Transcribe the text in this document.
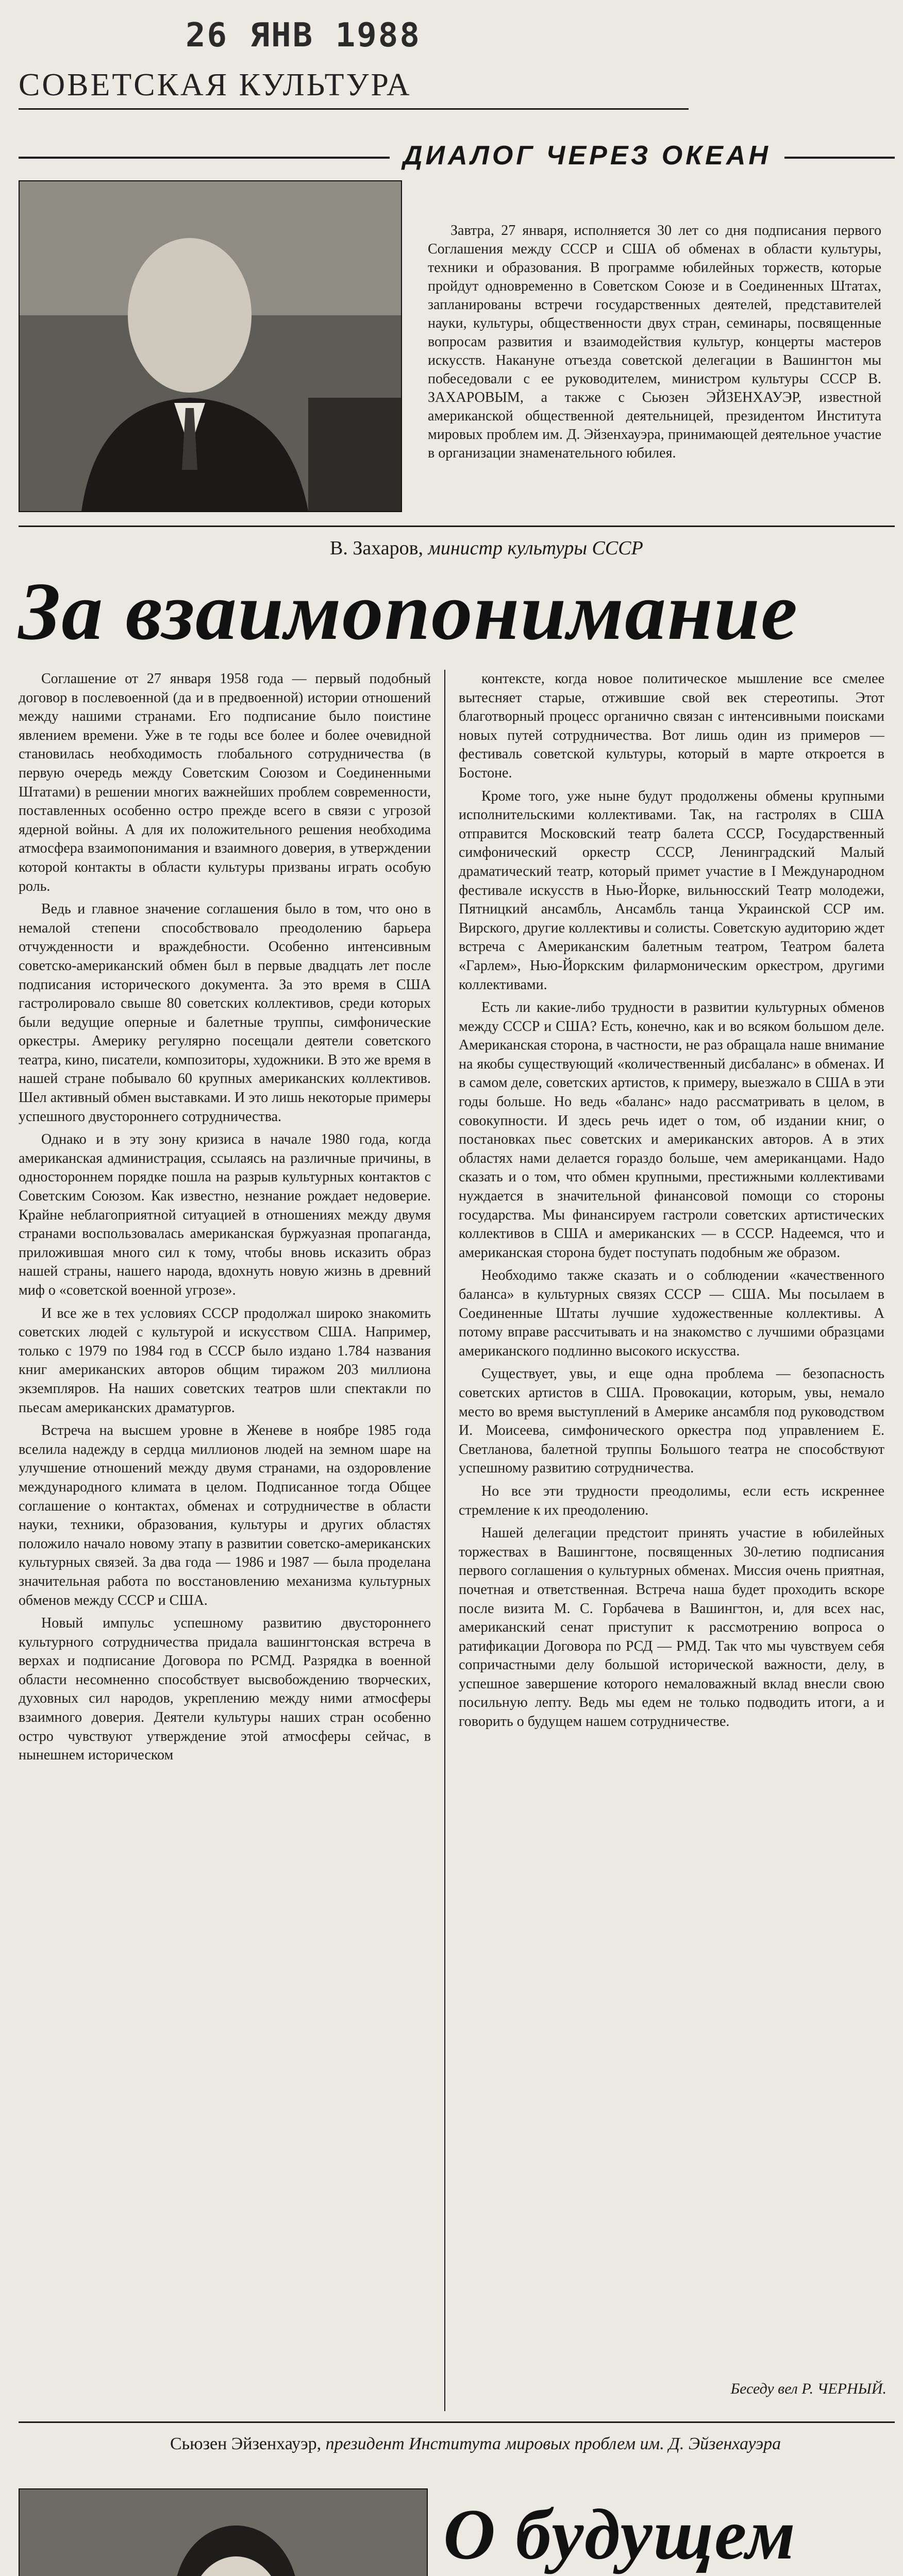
26 ЯНВ 1988
СОВЕТСКАЯ КУЛЬТУРА
ДИАЛОГ ЧЕРЕЗ ОКЕАН
Завтра, 27 января, исполняется 30 лет со дня подписания первого Соглашения между СССР и США об обменах в области культуры, техники и образования. В программе юбилейных торжеств, которые пройдут одновременно в Советском Союзе и в Соединенных Штатах, запланированы встречи государственных деятелей, представителей науки, культуры, общественности двух стран, семинары, посвященные вопросам развития и взаимодействия культур, концерты мастеров искусств. Накануне отъезда советской делегации в Вашингтон мы побеседовали с ее руководителем, министром культуры СССР В. ЗАХАРОВЫМ, а также с Сьюзен ЭЙЗЕНХАУЭР, известной американской общественной деятельницей, президентом Института мировых проблем им. Д. Эйзенхауэра, принимающей деятельное участие в организации знаменательного юбилея.
В. Захаров, министр культуры СССР
За взаимопонимание

Соглашение от 27 января 1958 года — первый подобный договор в послевоенной (да и в предвоенной) истории отношений между нашими странами. Его подписание было поистине явлением времени. Уже в те годы все более и более очевидной становилась необходимость глобального сотрудничества (в первую очередь между Советским Союзом и Соединенными Штатами) в решении многих важнейших проблем современности, поставленных особенно остро прежде всего в связи с угрозой ядерной войны. А для их положительного решения необходима атмосфера взаимопонимания и взаимного доверия, в утверждении которой контакты в области культуры призваны играть особую роль.

Ведь и главное значение соглашения было в том, что оно в немалой степени способствовало преодолению барьера отчужденности и враждебности. Особенно интенсивным советско-американский обмен был в первые двадцать лет после подписания исторического документа. За это время в США гастролировало свыше 80 советских коллективов, среди которых были ведущие оперные и балетные труппы, симфонические оркестры. Америку регулярно посещали деятели советского театра, кино, писатели, композиторы, художники. В это же время в нашей стране побывало 60 крупных американских коллективов. Шел активный обмен выставками. И это лишь некоторые примеры успешного двустороннего сотрудничества.

Однако и в эту зону кризиса в начале 1980 года, когда американская администрация, ссылаясь на различные причины, в одностороннем порядке пошла на разрыв культурных контактов с Советским Союзом. Как известно, незнание рождает недоверие. Крайне неблагоприятной ситуацией в отношениях между двумя странами воспользовалась американская буржуазная пропаганда, приложившая много сил к тому, чтобы вновь исказить образ нашей страны, нашего народа, вдохнуть новую жизнь в древний миф о «советской военной угрозе».

И все же в тех условиях СССР продолжал широко знакомить советских людей с культурой и искусством США. Например, только с 1979 по 1984 год в СССР было издано 1.784 названия книг американских авторов общим тиражом 203 миллиона экземпляров. На наших советских театров шли спектакли по пьесам американских драматургов.

Встреча на высшем уровне в Женеве в ноябре 1985 года вселила надежду в сердца миллионов людей на земном шаре на улучшение отношений между двумя странами, на оздоровление международного климата в целом. Подписанное тогда Общее соглашение о контактах, обменах и сотрудничестве в области науки, техники, образования, культуры и других областях положило начало новому этапу в развитии советско-американских культурных связей. За два года — 1986 и 1987 — была проделана значительная работа по восстановлению механизма культурных обменов между СССР и США.

Новый импульс успешному развитию двустороннего культурного сотрудничества придала вашингтонская встреча в верхах и подписание Договора по РСМД. Разрядка в военной области несомненно способствует высвобождению творческих, духовных сил народов, укреплению между ними атмосферы взаимного доверия. Деятели культуры наших стран особенно остро чувствуют утверждение этой атмосферы сейчас, в нынешнем историческом

контексте, когда новое политическое мышление все смелее вытесняет старые, отжившие свой век стереотипы. Этот благотворный процесс органично связан с интенсивными поисками новых путей сотрудничества. Вот лишь один из примеров — фестиваль советской культуры, который в марте откроется в Бостоне.

Кроме того, уже ныне будут продолжены обмены крупными исполнительскими коллективами. Так, на гастролях в США отправится Московский театр балета СССР, Государственный симфонический оркестр СССР, Ленинградский Малый драматический театр, который примет участие в I Международном фестивале искусств в Нью-Йорке, вильнюсский Театр молодежи, Пятницкий ансамбль, Ансамбль танца Украинской ССР им. Вирского, другие коллективы и солисты. Советскую аудиторию ждет встреча с Американским балетным театром, Театром балета «Гарлем», Нью-Йоркским филармоническим оркестром, другими коллективами.

Есть ли какие-либо трудности в развитии культурных обменов между СССР и США? Есть, конечно, как и во всяком большом деле. Американская сторона, в частности, не раз обращала наше внимание на якобы существующий «количественный дисбаланс» в обменах. И в самом деле, советских артистов, к примеру, выезжало в США в эти годы больше. Но ведь «баланс» надо рассматривать в целом, в совокупности. И здесь речь идет о том, об издании книг, о постановках пьес советских и американских авторов. А в этих областях нами делается гораздо больше, чем американцами. Надо сказать и о том, что обмен крупными, престижными коллективами нуждается в значительной финансовой помощи со стороны государства. Мы финансируем гастроли советских артистических коллективов в США и американских — в СССР. Надеемся, что и американская сторона будет поступать подобным же образом.

Необходимо также сказать и о соблюдении «качественного баланса» в культурных связях СССР — США. Мы посылаем в Соединенные Штаты лучшие художественные коллективы. А потому вправе рассчитывать и на знакомство с лучшими образцами американского подлинно высокого искусства.

Существует, увы, и еще одна проблема — безопасность советских артистов в США. Провокации, которым, увы, немало место во время выступлений в Америке ансамбля под руководством И. Моисеева, симфонического оркестра под управлением Е. Светланова, балетной труппы Большого театра не способствуют успешному развитию сотрудничества.

Но все эти трудности преодолимы, если есть искреннее стремление к их преодолению.

Нашей делегации предстоит принять участие в юбилейных торжествах в Вашингтоне, посвященных 30-летию подписания первого соглашения о культурных обменах. Миссия очень приятная, почетная и ответственная. Встреча наша будет проходить вскоре после визита М. С. Горбачева в Вашингтон, и, для всех нас, американский сенат приступит к рассмотрению вопроса о ратификации Договора по РСД — РМД. Так что мы чувствуем себя сопричастными делу большой исторической важности, делу, в успешное завершение которого немаловажный вклад внесли свою посильную лепту. Ведь мы едем не только подводить итоги, а и говорить о будущем нашем сотрудничестве.

Беседу вел Р. ЧЕРНЫЙ.
Сьюзен Эйзенхауэр, президент Института мировых проблем им. Д. Эйзенхауэра
О будущем
